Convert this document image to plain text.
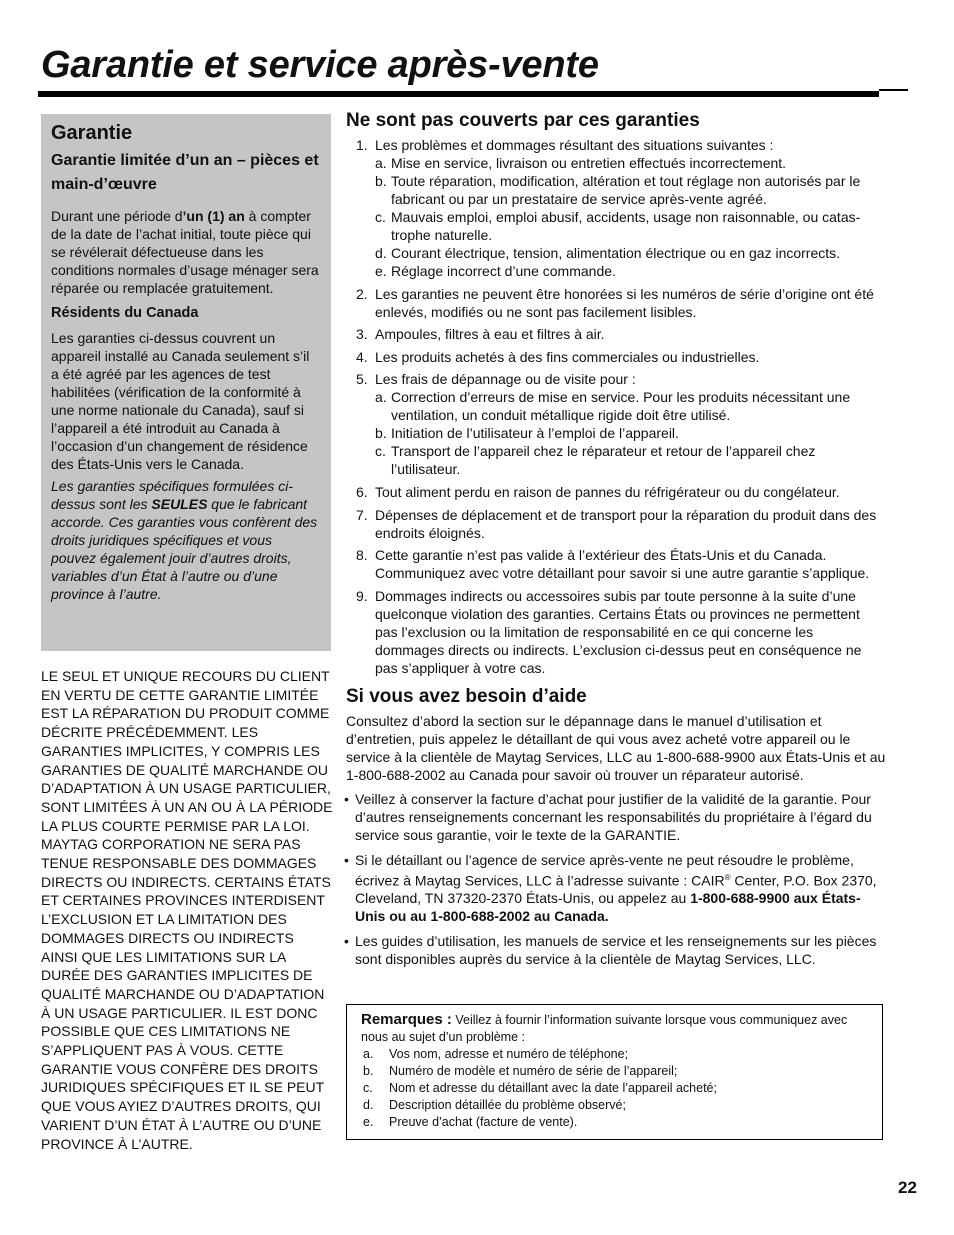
Garantie et service après-vente
Garantie
Garantie limitée d’un an – pièces et main-d’œuvre

Durant une période d’un (1) an à compter de la date de l’achat initial, toute pièce qui se révélerait défectueuse dans les conditions normales d’usage ménager sera réparée ou remplacée gratuitement.

Résidents du Canada

Les garanties ci-dessus couvrent un appareil installé au Canada seulement s’il a été agréé par les agences de test habilitées (vérification de la conformité à une norme nationale du Canada), sauf si l’appareil a été introduit au Canada à l’occasion d’un changement de résidence des États-Unis vers le Canada.

Les garanties spécifiques formulées ci-dessus sont les SEULES que le fabricant accorde. Ces garanties vous confèrent des droits juridiques spécifiques et vous pouvez également jouir d’autres droits, variables d’un État à l’autre ou d’une province à l’autre.

LE SEUL ET UNIQUE RECOURS DU CLIENT EN VERTU DE CETTE GARANTIE LIMITÉE EST LA RÉPARATION DU PRODUIT COMME DÉCRITE PRÉCÉDEMMENT. LES GARANTIES IMPLICITES, Y COMPRIS LES GARANTIES DE QUALITÉ MARCHANDE OU D’ADAPTATION À UN USAGE PARTICULIER, SONT LIMITÉES À UN AN OU À LA PÉRIODE LA PLUS COURTE PERMISE PAR LA LOI. MAYTAG CORPORATION NE SERA PAS TENUE RESPONSABLE DES DOMMAGES DIRECTS OU INDIRECTS. CERTAINS ÉTATS ET CERTAINES PROVINCES INTERDISENT L’EXCLUSION ET LA LIMITATION DES DOMMAGES DIRECTS OU INDIRECTS AINSI QUE LES LIMITATIONS SUR LA DURÉE DES GARANTIES IMPLICITES DE QUALITÉ MARCHANDE OU D’ADAPTATION À UN USAGE PARTICULIER. IL EST DONC POSSIBLE QUE CES LIMITATIONS NE S’APPLIQUENT PAS À VOUS. CETTE GARANTIE VOUS CONFÈRE DES DROITS JURIDIQUES SPÉCIFIQUES ET IL SE PEUT QUE VOUS AYIEZ D’AUTRES DROITS, QUI VARIENT D’UN ÉTAT À L’AUTRE OU D’UNE PROVINCE À L’AUTRE.

Ne sont pas couverts par ces garanties
1. Les problèmes et dommages résultant des situations suivantes :
a. Mise en service, livraison ou entretien effectués incorrectement.
b. Toute réparation, modification, altération et tout réglage non autorisés par le fabricant ou par un prestataire de service après-vente agréé.
c. Mauvais emploi, emploi abusif, accidents, usage non raisonnable, ou catastrophe naturelle.
d. Courant électrique, tension, alimentation électrique ou en gaz incorrects.
e. Réglage incorrect d’une commande.
2. Les garanties ne peuvent être honorées si les numéros de série d’origine ont été enlevés, modifiés ou ne sont pas facilement lisibles.
3. Ampoules, filtres à eau et filtres à air.
4. Les produits achetés à des fins commerciales ou industrielles.
5. Les frais de dépannage ou de visite pour :
a. Correction d’erreurs de mise en service. Pour les produits nécessitant une ventilation, un conduit métallique rigide doit être utilisé.
b. Initiation de l’utilisateur à l’emploi de l’appareil.
c. Transport de l’appareil chez le réparateur et retour de l’appareil chez l’utilisateur.
6. Tout aliment perdu en raison de pannes du réfrigérateur ou du congélateur.
7. Dépenses de déplacement et de transport pour la réparation du produit dans des endroits éloignés.
8. Cette garantie n’est pas valide à l’extérieur des États-Unis et du Canada. Communiquez avec votre détaillant pour savoir si une autre garantie s’applique.
9. Dommages indirects ou accessoires subis par toute personne à la suite d’une quelconque violation des garanties. Certains États ou provinces ne permettent pas l’exclusion ou la limitation de responsabilité en ce qui concerne les dommages directs ou indirects. L’exclusion ci-dessus peut en conséquence ne pas s’appliquer à votre cas.
Si vous avez besoin d’aide

Consultez d’abord la section sur le dépannage dans le manuel d’utilisation et d’entretien, puis appelez le détaillant de qui vous avez acheté votre appareil ou le service à la clientèle de Maytag Services, LLC au 1-800-688-9900 aux États-Unis et au 1-800-688-2002 au Canada pour savoir où trouver un réparateur autorisé.

• Veillez à conserver la facture d’achat pour justifier de la validité de la garantie. Pour d’autres renseignements concernant les responsabilités du propriétaire à l’égard du service sous garantie, voir le texte de la GARANTIE.
• Si le détaillant ou l’agence de service après-vente ne peut résoudre le problème, écrivez à Maytag Services, LLC à l’adresse suivante : CAIR® Center, P.O. Box 2370, Cleveland, TN 37320-2370 États-Unis, ou appelez au 1-800-688-9900 aux États-Unis ou au 1-800-688-2002 au Canada.
• Les guides d’utilisation, les manuels de service et les renseignements sur les pièces sont disponibles auprès du service à la clientèle de Maytag Services, LLC.
Remarques : Veillez à fournir l’information suivante lorsque vous communiquez avec nous au sujet d’un problème :
a. Vos nom, adresse et numéro de téléphone;
b. Numéro de modèle et numéro de série de l’appareil;
c. Nom et adresse du détaillant avec la date l’appareil acheté;
d. Description détaillée du problème observé;
e. Preuve d’achat (facture de vente).
22
